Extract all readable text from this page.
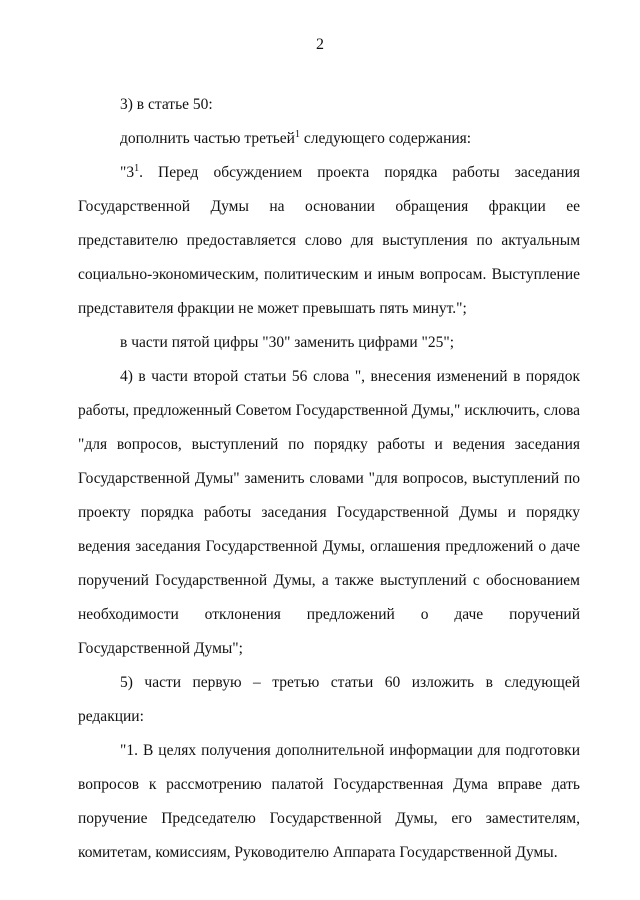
2

3) в статье 50:

дополнить частью третьей$^1$ следующего содержания:

"$3^1$. Перед обсуждением проекта порядка работы заседания Государственной Думы на основании обращения фракции ее представителю предоставляется слово для выступления по актуальным социально-экономическим, политическим и иным вопросам. Выступление представителя фракции не может превышать пять минут.";

в части пятой цифры "30" заменить цифрами "25";

4) в части второй статьи 56 слова ", внесения изменений в порядок работы, предложенный Советом Государственной Думы," исключить, слова "для вопросов, выступлений по порядку работы и ведения заседания Государственной Думы" заменить словами "для вопросов, выступлений по проекту порядка работы заседания Государственной Думы и порядку ведения заседания Государственной Думы, оглашения предложений о даче поручений Государственной Думы, а также выступлений с обоснованием необходимости отклонения предложений о даче поручений Государственной Думы";

5) части первую – третью статьи 60 изложить в следующей редакции:

"1. В целях получения дополнительной информации для подготовки вопросов к рассмотрению палатой Государственная Дума вправе дать поручение Председателю Государственной Думы, его заместителям, комитетам, комиссиям, Руководителю Аппарата Государственной Думы.
